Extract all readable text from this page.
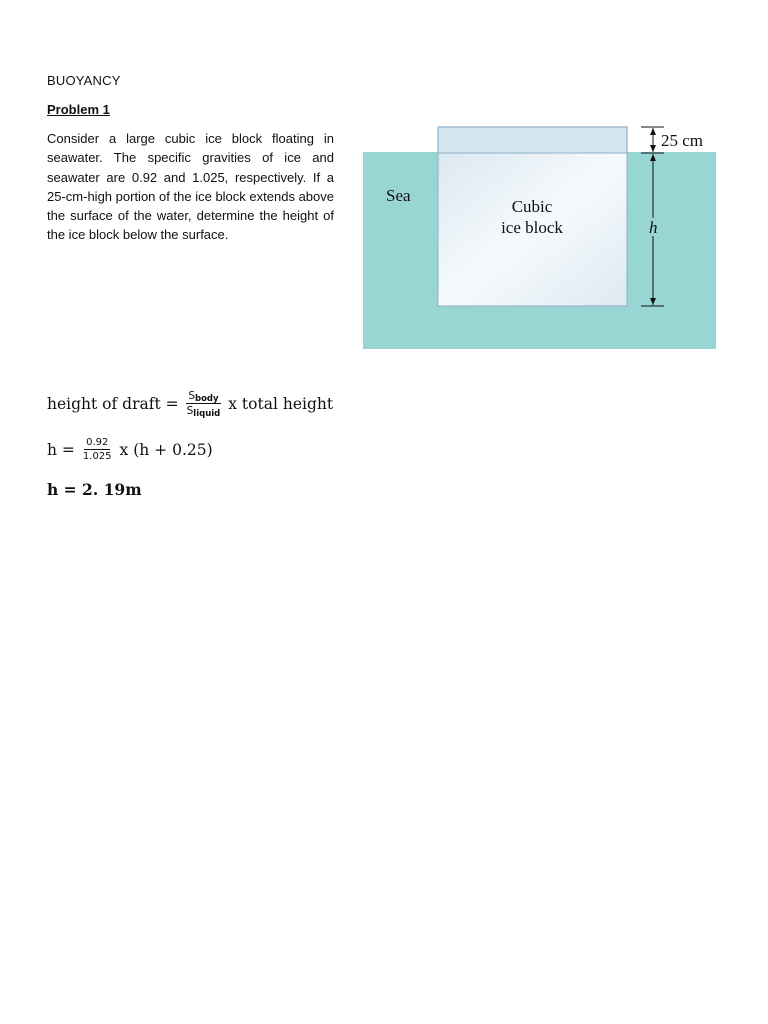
BUOYANCY
Problem 1

Consider a large cubic ice block floating in seawater. The specific gravities of ice and seawater are 0.92 and 1.025, respectively. If a 25-cm-high portion of the ice block extends above the surface of the water, determine the height of the ice block below the surface.

Sea
Cubic
ice block
25 cm
h
height of draft = $\frac{\text{Sbody}}{\text{Sliquid}}$ x total height
$h = \frac{0.92}{1.025}$ x (h + 0.25)
h = 2. 19m
